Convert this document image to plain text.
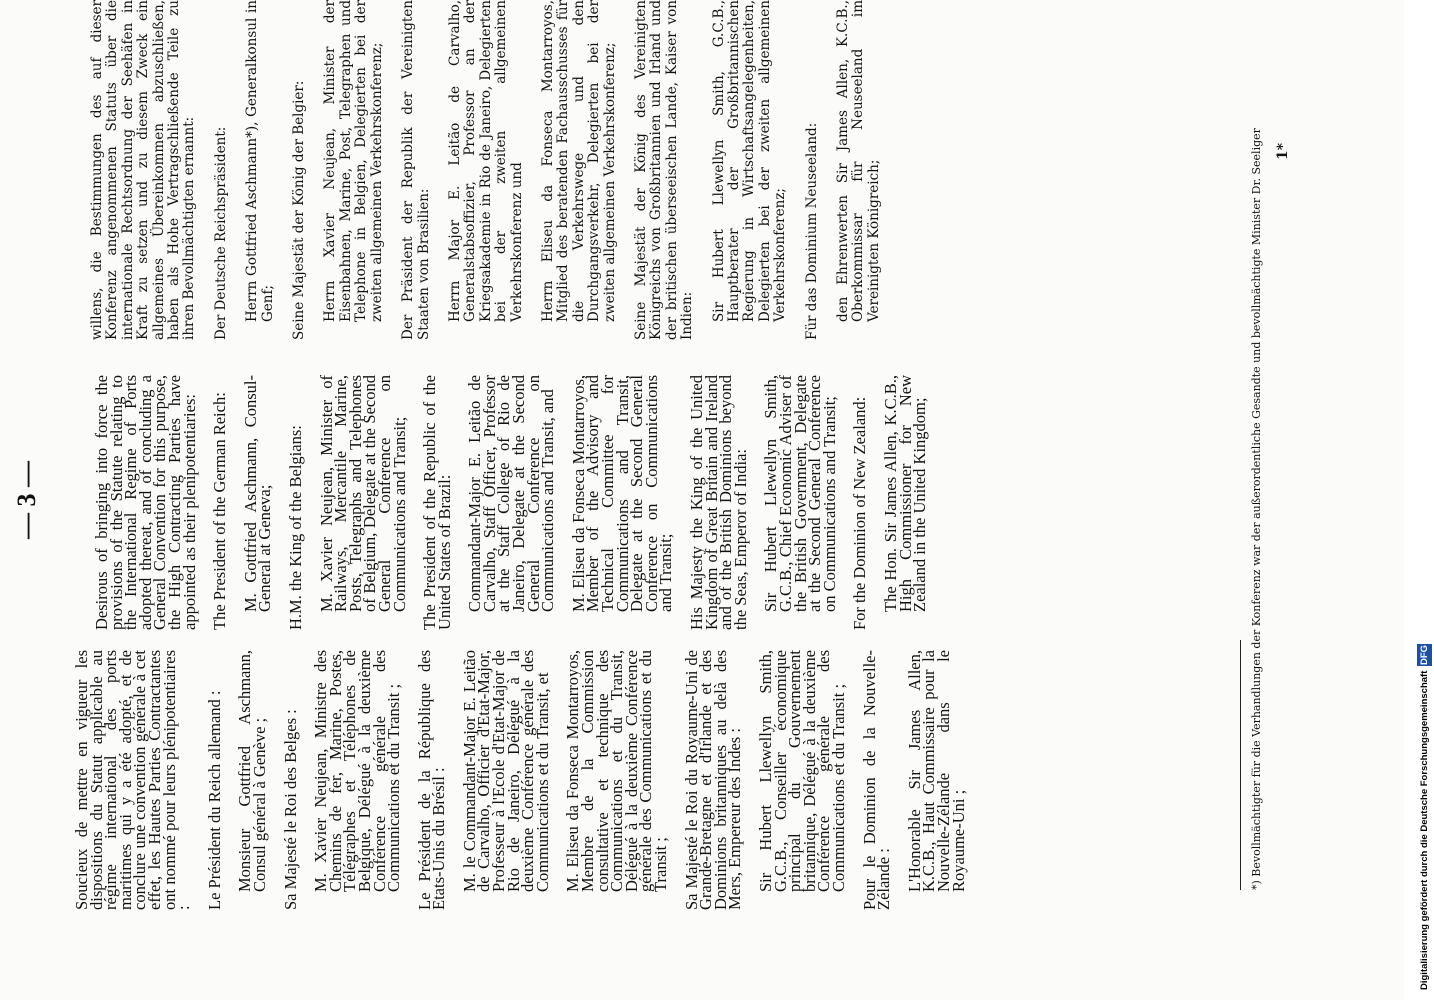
— 3 —

Soucieux de mettre en vigueur les dispositions du Statut applicable au régime international des ports maritimes qui y a été adopté, et de conclure une convention générale à cet effet, les Hautes Parties Contractantes ont nommé pour leurs plénipotentiaires : Le Président du Reich allemand : Monsieur Gottfried Aschmann, Consul général à Genève ; Sa Majesté le Roi des Belges : M. Xavier Neujean, Ministre des Chemins de fer, Marine, Postes, Télégraphes et Téléphones de Belgique, Délégué à la deuxième Conférence générale des Communications et du Transit ; Le Président de la République des Etats-Unis du Brésil : M. le Commandant-Major E. Leitão de Carvalho, Officier d'Etat-Major, Professeur à l'Ecole d'Etat-Major de Rio de Janeiro, Délégué à la deuxième Conférence générale des Communications et du Transit, et M. Eliseu da Fonseca Montarroyos, Membre de la Commission consultative et technique des Communications et du Transit, Délégué à la deuxième Conférence générale des Communications et du Transit ; Sa Majesté le Roi du Royaume-Uni de Grande-Bretagne et d'Irlande et des Dominions britanniques au delà des Mers, Empereur des Indes : Sir Hubert Llewellyn Smith, G.C.B., Conseiller économique principal du Gouvernement britannique, Délégué à la deuxième Conférence générale des Communications et du Transit ; Pour le Dominion de la Nouvelle-Zélande : L'Honorable Sir James Allen, K.C.B., Haut Commissaire pour la Nouvelle-Zélande dans le Royaume-Uni ;

Desirous of bringing into force the provisions of the Statute relating to the International Regime of Ports adopted thereat, and of concluding a General Convention for this purpose, the High Contracting Parties have appointed as their plenipotentiaries: The President of the German Reich: M. Gottfried Aschmann, Consul-General at Geneva; H.M. the King of the Belgians: M. Xavier Neujean, Minister of Railways, Mercantile Marine, Posts, Telegraphs and Telephones of Belgium, Delegate at the Second General Conference on Communications and Transit; The President of the Republic of the United States of Brazil: Commandant-Major E. Leitão de Carvalho, Staff Officer, Professor at the Staff College of Rio de Janeiro, Delegate at the Second General Conference on Communications and Transit, and M. Eliseu da Fonseca Montarroyos, Member of the Advisory and Technical Committee for Communications and Transit, Delegate at the Second General Conference on Communications and Transit; His Majesty the King of the United Kingdom of Great Britain and Ireland and of the British Dominions beyond the Seas, Emperor of India: Sir Hubert Llewellyn Smith, G.C.B., Chief Economic Adviser of the British Government, Delegate at the Second General Conference on Communications and Transit; For the Dominion of New Zealand: The Hon. Sir James Allen, K.C.B., High Commissioner for New Zealand in the United Kingdom;

willens, die Bestimmungen des auf dieser Konferenz angenommenen Statuts über die internationale Rechtsordnung der Seehäfen in Kraft zu setzen und zu diesem Zweck ein allgemeines Übereinkommen abzuschließen, haben als Hohe Vertragschließende Teile zu ihren Bevollmächtigten ernannt: Der Deutsche Reichspräsident: Herrn Gottfried Aschmann*), Generalkonsul in Genf; Seine Majestät der König der Belgier: Herrn Xavier Neujean, Minister der Eisenbahnen, Marine, Post, Telegraphen und Telephone in Belgien, Delegierten bei der zweiten allgemeinen Verkehrskonferenz; Der Präsident der Republik der Vereinigten Staaten von Brasilien: Herrn Major E. Leitão de Carvalho, Generalstabsoffizier, Professor an der Kriegsakademie in Rio de Janeiro, Delegierten bei der zweiten allgemeinen Verkehrskonferenz und Herrn Eliseu da Fonseca Montarroyos, Mitglied des beratenden Fachausschusses für die Verkehrswege und den Durchgangsverkehr, Delegierten bei der zweiten allgemeinen Verkehrskonferenz; Seine Majestät der König des Vereinigten Königreichs von Großbritannien und Irland und der britischen überseeischen Lande, Kaiser von Indien: Sir Hubert Llewellyn Smith, G.C.B., Hauptberater der Großbritannischen Regierung in Wirtschaftsangelegenheiten, Delegierten bei der zweiten allgemeinen Verkehrskonferenz; Für das Dominium Neuseeland: den Ehrenwerten Sir James Allen, K.C.B., Oberkommissar für Neuseeland im Vereinigten Königreich;	*) Bevollmächtigter für die Verhandlungen der Konferenz war der außerordentliche Gesandte und bevollmächtigte Minister Dr. Seeliger 1*
Digitalisierung gefördert durch die Deutsche Forschungsgemeinschaft DFG
